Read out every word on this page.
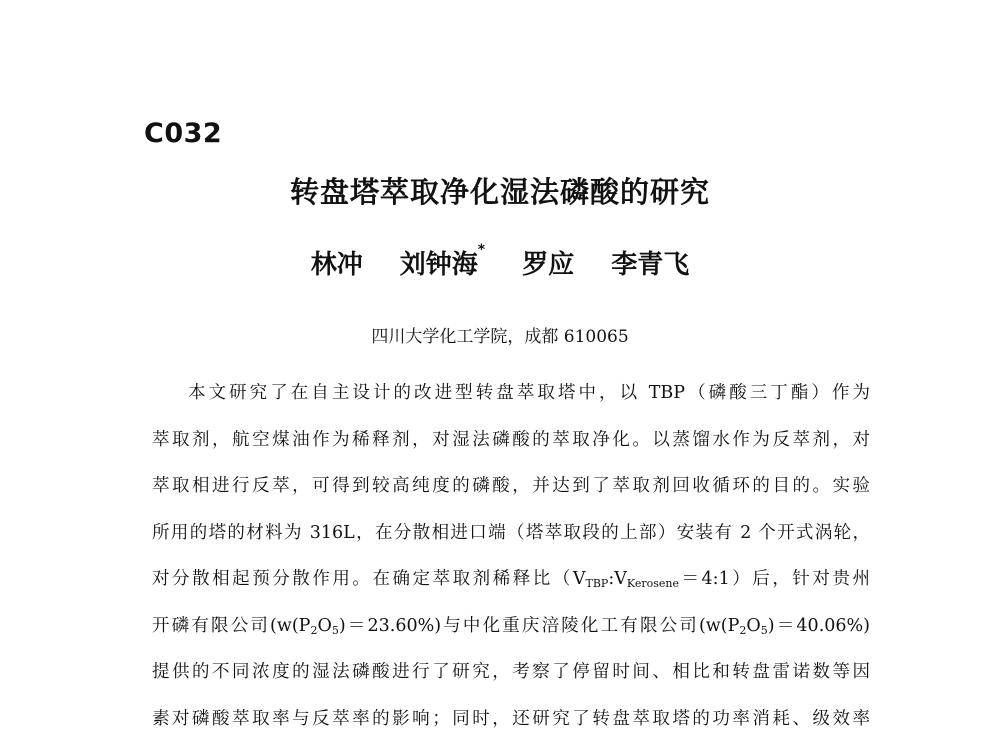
C032
转盘塔萃取净化湿法磷酸的研究
林冲 刘钟海* 罗应 李青飞
四川大学化工学院，成都 610065
本文研究了在自主设计的改进型转盘萃取塔中，以 TBP（磷酸三丁酯）作为
萃取剂，航空煤油作为稀释剂，对湿法磷酸的萃取净化。以蒸馏水作为反萃剂，对
萃取相进行反萃，可得到较高纯度的磷酸，并达到了萃取剂回收循环的目的。实验
所用的塔的材料为 316L，在分散相进口端（塔萃取段的上部）安装有 2 个开式涡轮，
对分散相起预分散作用。在确定萃取剂稀释比$(V_{TBP}:V_{Kerosene}=4:1)$后，针对贵州
开磷有限公司$(w(P_2O_5)=23.60\%)$与中化重庆涪陵化工有限公司$(w(P_2O_5)=40.06\%)$
提供的不同浓度的湿法磷酸进行了研究，考察了停留时间、相比和转盘雷诺数等因
素对磷酸萃取率与反萃率的影响；同时，还研究了转盘萃取塔的功率消耗、级效率
